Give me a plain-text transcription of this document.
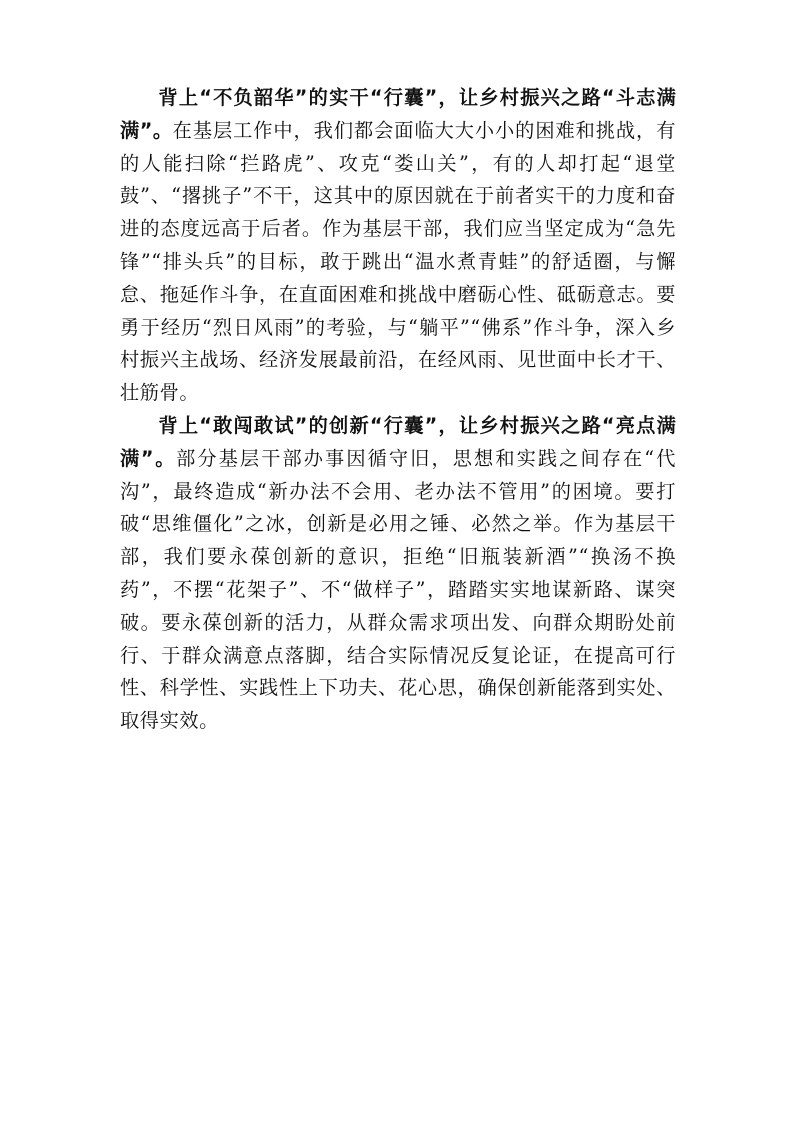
背上“不负韶华”的实干“行囊”，让乡村振兴之路“斗志满满”。在基层工作中，我们都会面临大大小小的困难和挑战，有的人能扫除“拦路虎”、攻克“娄山关”，有的人却打起“退堂鼓”、“撂挑子”不干，这其中的原因就在于前者实干的力度和奋进的态度远高于后者。作为基层干部，我们应当坚定成为“急先锋”“排头兵”的目标，敢于跳出“温水煮青蛙”的舒适圈，与懈怠、拖延作斗争，在直面困难和挑战中磨砺心性、砥砺意志。要勇于经历“烈日风雨”的考验，与“躺平”“佛系”作斗争，深入乡村振兴主战场、经济发展最前沿，在经风雨、见世面中长才干、壮筋骨。

背上“敢闯敢试”的创新“行囊”，让乡村振兴之路“亮点满满”。部分基层干部办事因循守旧，思想和实践之间存在“代沟”，最终造成“新办法不会用、老办法不管用”的困境。要打破“思维僵化”之冰，创新是必用之锤、必然之举。作为基层干部，我们要永葆创新的意识，拒绝“旧瓶装新酒”“换汤不换药”，不摆“花架子”、不“做样子”，踏踏实实地谋新路、谋突破。要永葆创新的活力，从群众需求项出发、向群众期盼处前行、于群众满意点落脚，结合实际情况反复论证，在提高可行性、科学性、实践性上下功夫、花心思，确保创新能落到实处、取得实效。
